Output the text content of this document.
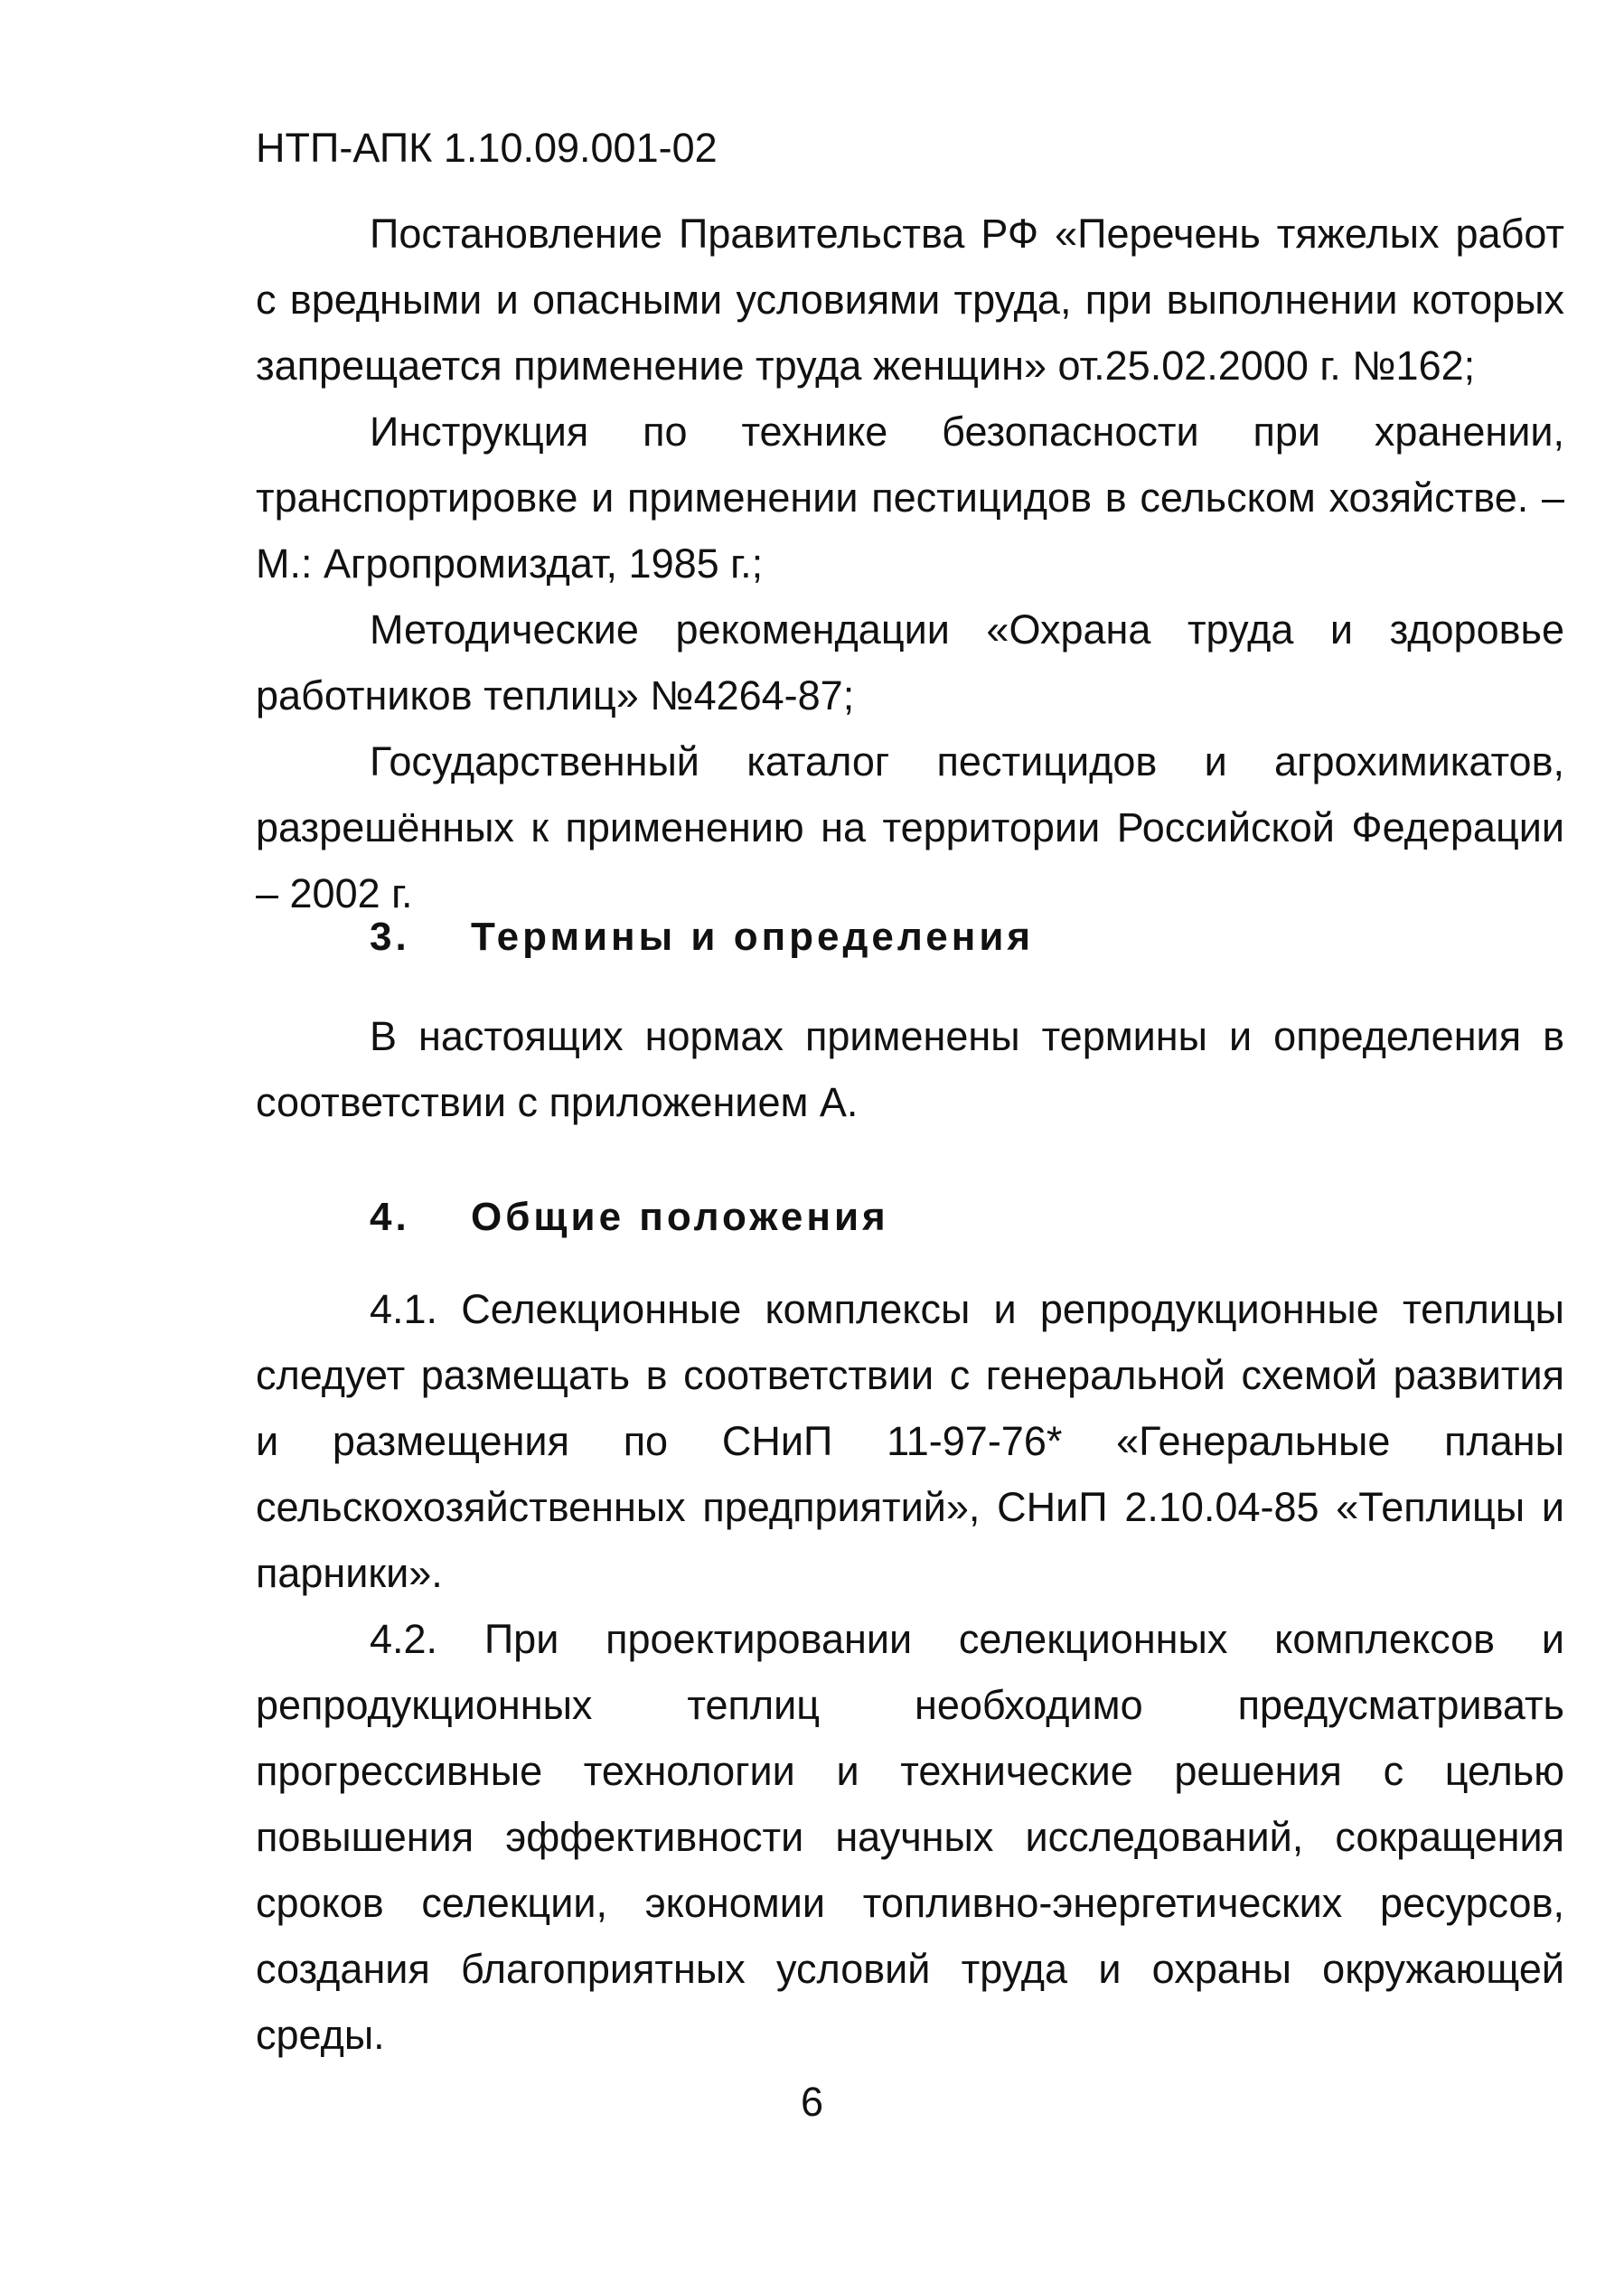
НТП-АПК 1.10.09.001-02

Постановление Правительства РФ «Перечень тяжелых работ с вредными и опасными условиями труда, при выполнении которых запрещается применение труда женщин» от.25.02.2000 г. №162;

Инструкция по технике безопасности при хранении, транспортировке и применении пестицидов в сельском хозяйстве. – М.: Агропромиздат, 1985 г.;

Методические рекомендации «Охрана труда и здоровье работников теплиц» №4264-87;

Государственный каталог пестицидов и агрохимикатов, разрешённых к применению на территории Российской Федерации – 2002 г.

3. Термины и определения

В настоящих нормах применены термины и определения в соответствии с приложением А.

4. Общие положения

4.1. Селекционные комплексы и репродукционные теплицы следует размещать в соответствии с генеральной схемой развития и размещения по СНиП 11-97-76* «Генеральные планы сельскохозяйственных предприятий», СНиП 2.10.04-85 «Теплицы и парники».

4.2. При проектировании селекционных комплексов и репродукционных теплиц необходимо предусматривать прогрессивные технологии и технические решения с целью повышения эффективности научных исследований, сокращения сроков селекции, экономии топливно-энергетических ресурсов, создания благоприятных условий труда и охраны окружающей среды.

6
